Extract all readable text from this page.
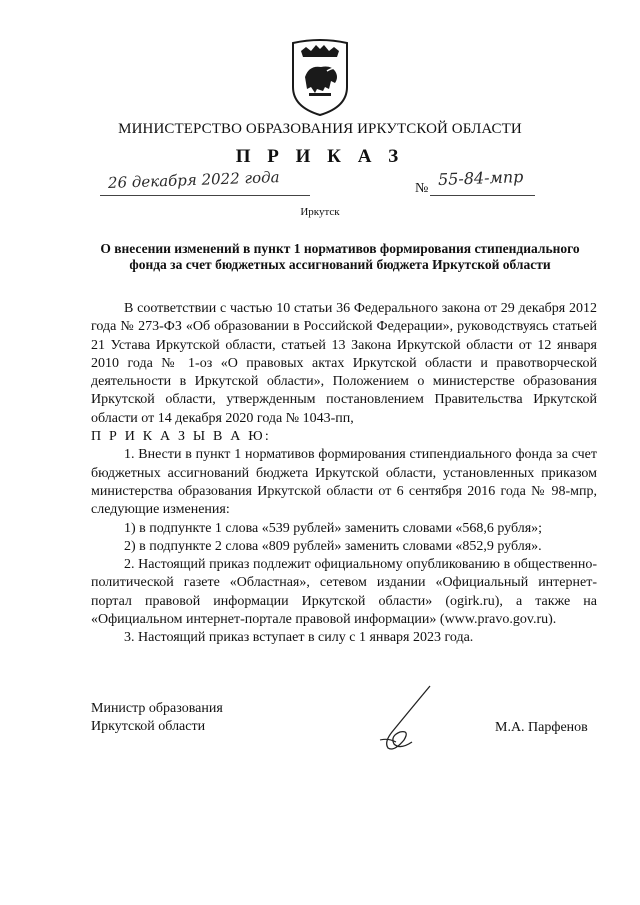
МИНИСТЕРСТВО ОБРАЗОВАНИЯ ИРКУТСКОЙ ОБЛАСТИ
П Р И К А З
26 декабря 2022 года	№ 55-84-мпр
Иркутск
О внесении изменений в пункт 1 нормативов формирования стипендиального фонда за счет бюджетных ассигнований бюджета Иркутской области

В соответствии с частью 10 статьи 36 Федерального закона от 29 декабря 2012 года № 273-ФЗ «Об образовании в Российской Федерации», руководствуясь статьей 21 Устава Иркутской области, статьей 13 Закона Иркутской области от 12 января 2010 года № 1-оз «О правовых актах Иркутской области и правотворческой деятельности в Иркутской области», Положением о министерстве образования Иркутской области, утвержденным постановлением Правительства Иркутской области от 14 декабря 2020 года № 1043-пп,

П Р И К А З Ы В А Ю:

1. Внести в пункт 1 нормативов формирования стипендиального фонда за счет бюджетных ассигнований бюджета Иркутской области, установленных приказом министерства образования Иркутской области от 6 сентября 2016 года № 98-мпр, следующие изменения:

1) в подпункте 1 слова «539 рублей» заменить словами «568,6 рубля»;

2) в подпункте 2 слова «809 рублей» заменить словами «852,9 рубля».

2. Настоящий приказ подлежит официальному опубликованию в общественно-политической газете «Областная», сетевом издании «Официальный интернет-портал правовой информации Иркутской области» (ogirk.ru), а также на «Официальном интернет-портале правовой информации» (www.pravo.gov.ru).

3. Настоящий приказ вступает в силу с 1 января 2023 года.

Министр образования
Иркутской области	М.А. Парфенов
